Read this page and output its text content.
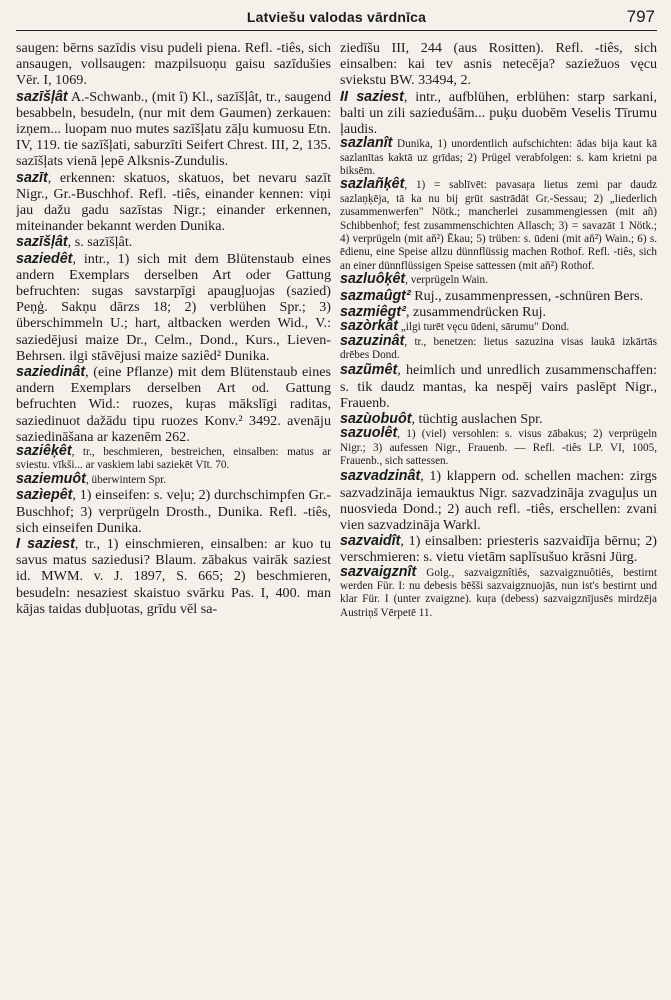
Latviešu valodas vārdnīca	797

saugen: bērns sazīdis visu pudeli piena. Refl. -tiês, sich ansaugen, vollsaugen: mazpilsuoņu gaisu sazīdušies Vēr. I, 1069.

sazīšļât A.-Schwanb., (mit î) Kl., sazīšļât, tr., saugend besabbeln, besudeln, (nur mit dem Gaumen) zerkauen: izņem... luopam nuo mutes sazīšļatu zāļu kumuosu Etn. IV, 119. tie sazīšļati, saburzīti Seifert Chrest. III, 2, 135. sazīšļats vienā ļepē Alksnis-Zundulis.

sazīt, erkennen: skatuos, skatuos, bet nevaru sazīt Nigr., Gr.-Buschhof. Refl. -tiês, einander kennen: viņi jau dažu gadu sazīstas Nigr.; einander erkennen, miteinander bekannt werden Dunika.

sazīšļât, s. sazīšļât.

saziedêt, intr., 1) sich mit dem Blütenstaub eines andern Exemplars derselben Art oder Gattung befruchten: sugas savstarpīgi apaugļuojas (sazied) Peņģ. Sakņu dārzs 18; 2) verblühen Spr.; 3) überschimmeln U.; hart, altbacken werden Wid., V.: saziedējusi maize Dr., Celm., Dond., Kurs., Lieven-Behrsen. ilgi stāvējusi maize saziêd² Dunika.

saziedinât, (eine Pflanze) mit dem Blütenstaub eines andern Exemplars derselben Art od. Gattung befruchten Wid.: ruozes, kuŗas mākslīgi raditas, saziedinuot dažādu tipu ruozes Konv.² 3492. avenāju saziedināšana ar kazenēm 262.

saziêķêt, tr., beschmieren, bestreichen, einsalben: matus ar sviestu. vīkši... ar vaskiem labi saziekēt Vīt. 70.

saziemuôt, überwintern Spr.

sazìepêt, 1) einseifen: s. veļu; 2) durchschimpfen Gr.-Buschhof; 3) verprügeln Drosth., Dunika. Refl. -tiês, sich einseifen Dunika.

I saziest, tr., 1) einschmieren, einsalben: ar kuo tu savus matus saziedusi? Blaum. zābakus vairāk saziest id. MWM. v. J. 1897, S. 665; 2) beschmieren, besudeln: nesaziest skaistuo svārku Pas. I, 400. man kājas taidas dubļuotas, grīdu vēl sa-

ziedīšu III, 244 (aus Rositten). Refl. -tiês, sich einsalben: kai tev asnis netecēja? saziežuos vęcu sviekstu BW. 33494, 2.

II saziest, intr., aufblühen, erblühen: starp sarkani, balti un zili sazieduśām... puķu duobēm Veselis Tīrumu ļaudis.

sazlanît Dunika, 1) unordentlich aufschichten: ādas bija kaut kā sazlanītas kaktā uz grīdas; 2) Prügel verabfolgen: s. kam krietni pa biksēm.

sazlañķêt, 1) = sablīvēt: pavasaŗa lietus zemi par daudz sazlaņķēja, tā ka nu bij grūt sastrādāt Gr.-Sessau; 2) „liederlich zusammenwerfen" Nötk.; mancherlei zusammengiessen (mit añ) Schibbenhof; fest zusammenschichten Allasch; 3) = savazāt 1 Nötk.; 4) verprügeln (mit aň²) Ēkau; 5) trüben: s. ūdeni (mit aň²) Wain.; 6) s. ēdienu, eine Speise allzu dünnflüssig machen Rothof. Refl. -tiês, sich an einer dünnflüssigen Speise sattessen (mit aň²) Rothof.

sazluôķêt, verprügeln Wain.

sazmaûgt² Ruj., zusammenpressen, -schnüren Bers.

sazmiêgt², zusammendrücken Ruj.

sazòrkât „ilgi turēt vęcu ūdeni, sārumu" Dond.

sazuzinât, tr., benetzen: lietus sazuzina visas laukā izkārtās drēbes Dond.

sazũmêt, heimlich und unredlich zusammenschaffen: s. tik daudz mantas, ka nespēj vairs paslēpt Nigr., Frauenb.

sazùobuôt, tüchtig auslachen Spr.

sazuolêt, 1) (viel) versohlen: s. visus zābakus; 2) verprügeln Nigr.; 3) aufessen Nigr., Frauenb. — Refl. -tiês LP. VI, 1005, Frauenb., sich sattessen.

sazvadzinât, 1) klappern od. schellen machen: zirgs sazvadzināja iemauktus Nigr. sazvadzināja zvaguļus un nuosvieda Dond.; 2) auch refl. -tiês, erschellen: zvani vien sazvadzināja Warkl.

sazvaidît, 1) einsalben: priesteris sazvaidīja bērnu; 2) verschmieren: s. vietu vietām saplīsušuo krāsni Jürg.

sazvaigznît Golg., sazvaigznîtiês, sazvaigznuôtiês, bestirnt werden Für. I: nu debesis bēšši sazvaigznuojās, nun ist's bestirnt und klar Für. I (unter zvaigzne). kuŗa (debess) sazvaigznījusēs mirdzēja Austriņš Vērpetē 11.
